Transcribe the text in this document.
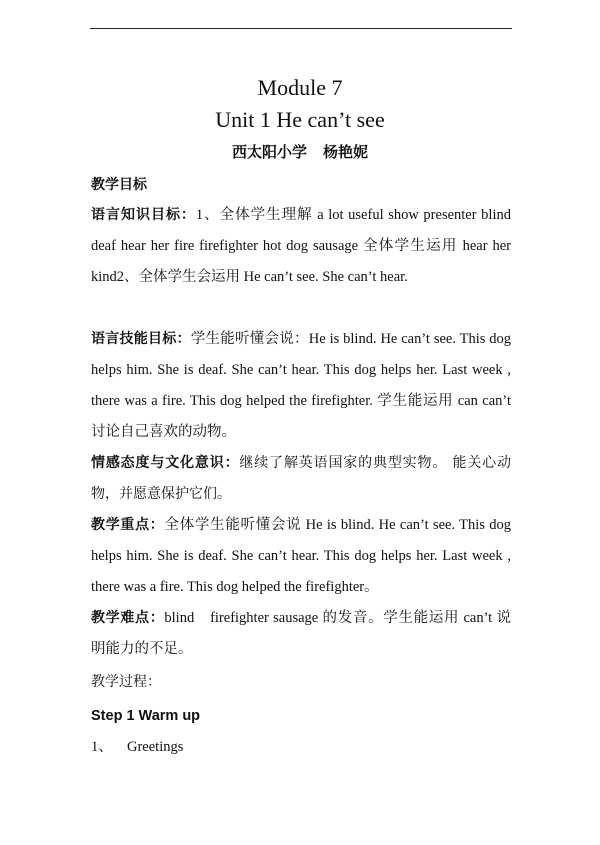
Module 7
Unit 1 He can’t see
西太阳小学 杨艳妮
教学目标
语言知识目标：1、全体学生理解 a lot useful show presenter blind deaf hear her fire firefighter hot dog sausage 全体学生运用 hear her kind2、全体学生会运用 He can’t see. She can’t hear.
语言技能目标：学生能听懂会说：He is blind. He can’t see. This dog helps him. She is deaf. She can’t hear. This dog helps her. Last week , there was a fire. This dog helped the firefighter. 学生能运用 can can’t 讨论自己喜欢的动物。
情感态度与文化意识：继续了解英语国家的典型实物。 能关心动物，并愿意保护它们。
教学重点：全体学生能听懂会说 He is blind. He can’t see. This dog helps him. She is deaf. She can’t hear. This dog helps her. Last week , there was a fire. This dog helped the firefighter。
教学难点：blind　firefighter sausage 的发音。学生能运用 can’t 说明能力的不足。
教学过程：
Step 1 Warm up
1、 Greetings
